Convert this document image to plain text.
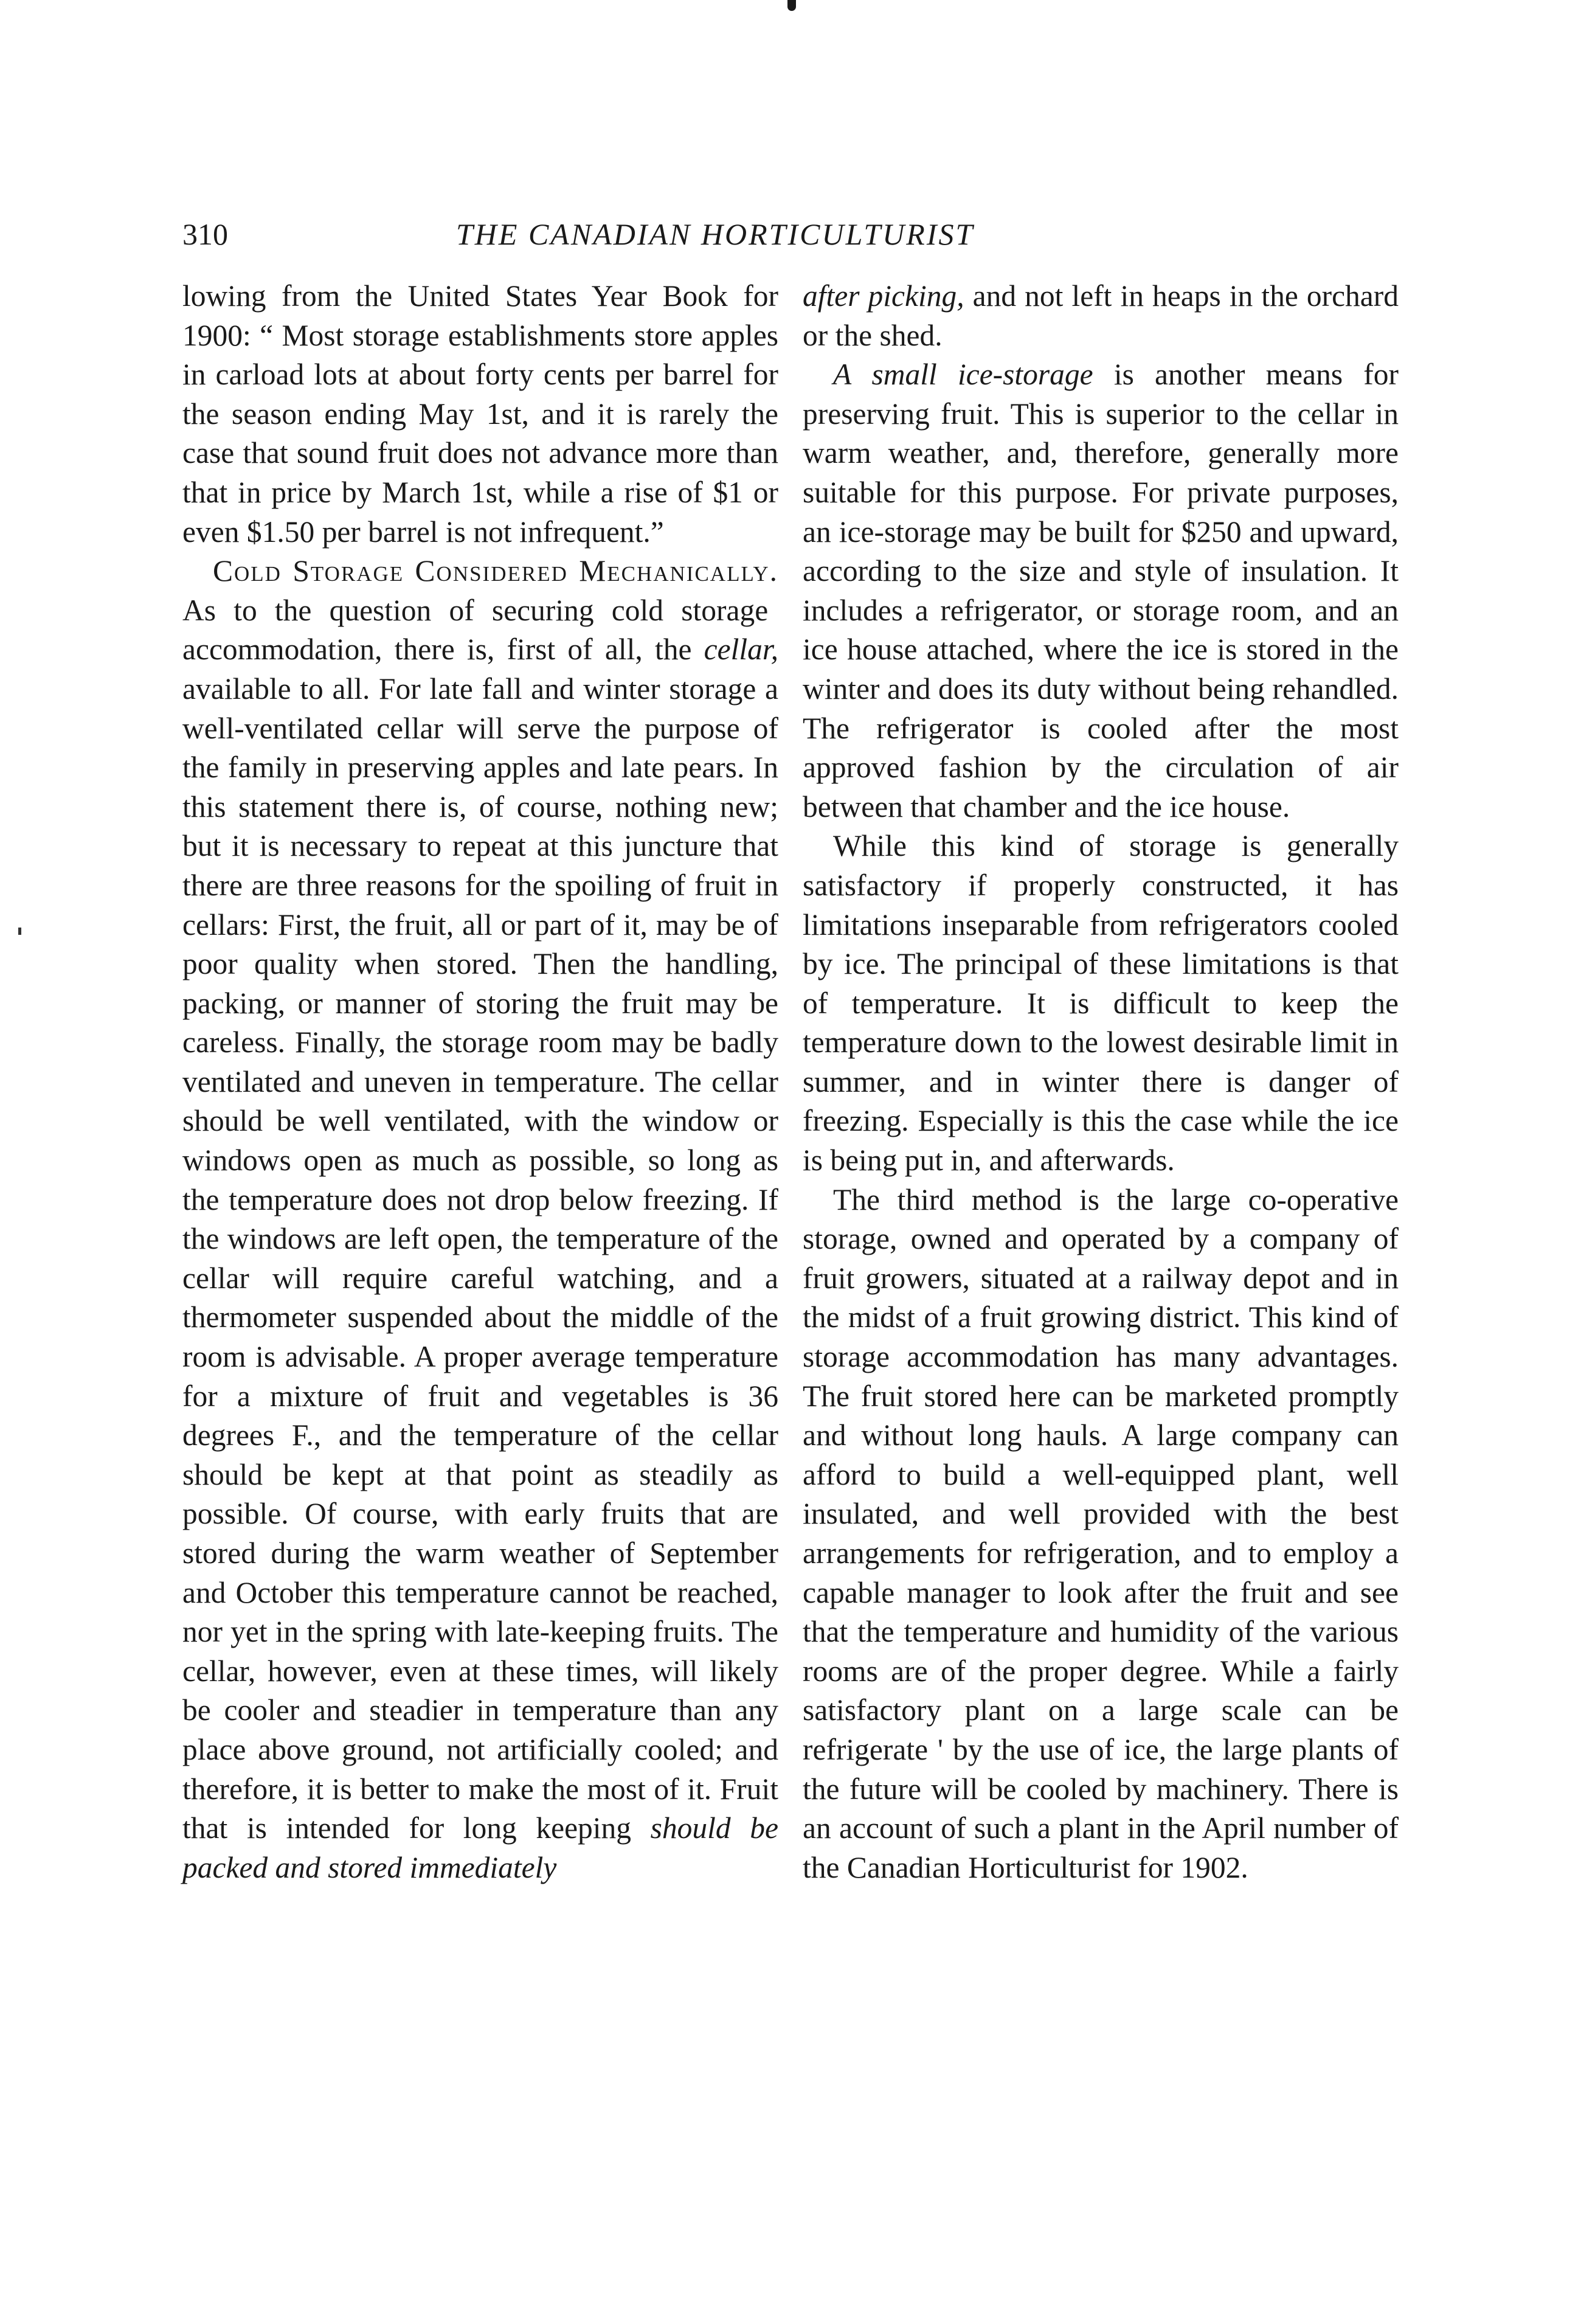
310	THE CANADIAN HORTICULTURIST

lowing from the United States Year Book for 1900: “ Most storage establishments store apples in carload lots at about forty cents per barrel for the season ending May 1st, and it is rarely the case that sound fruit does not advance more than that in price by March 1st, while a rise of $1 or even $1.50 per barrel is not infrequent.”

Cold Storage Considered Mechanically. As to the question of securing cold storage accommodation, there is, first of all, the cellar, available to all. For late fall and winter storage a well-ventilated cellar will serve the purpose of the family in preserving apples and late pears. In this statement there is, of course, nothing new; but it is necessary to repeat at this juncture that there are three reasons for the spoiling of fruit in cellars: First, the fruit, all or part of it, may be of poor quality when stored. Then the handling, packing, or manner of storing the fruit may be careless. Finally, the storage room may be badly ventilated and uneven in temperature. The cellar should be well ventilated, with the window or windows open as much as possible, so long as the temperature does not drop below freezing. If the windows are left open, the temperature of the cellar will require careful watching, and a thermometer suspended about the middle of the room is advisable. A proper average temperature for a mixture of fruit and vegetables is 36 degrees F., and the temperature of the cellar should be kept at that point as steadily as possible. Of course, with early fruits that are stored during the warm weather of September and October this temperature cannot be reached, nor yet in the spring with late-keeping fruits. The cellar, however, even at these times, will likely be cooler and steadier in temperature than any place above ground, not artificially cooled; and therefore, it is better to make the most of it. Fruit that is intended for long keeping should be packed and stored immediately

after picking, and not left in heaps in the orchard or the shed.

A small ice-storage is another means for preserving fruit. This is superior to the cellar in warm weather, and, therefore, generally more suitable for this purpose. For private purposes, an ice-storage may be built for $250 and upward, according to the size and style of insulation. It includes a refrigerator, or storage room, and an ice house attached, where the ice is stored in the winter and does its duty without being rehandled. The refrigerator is cooled after the most approved fashion by the circulation of air between that chamber and the ice house.

While this kind of storage is generally satisfactory if properly constructed, it has limitations inseparable from refrigerators cooled by ice. The principal of these limitations is that of temperature. It is difficult to keep the temperature down to the lowest desirable limit in summer, and in winter there is danger of freezing. Especially is this the case while the ice is being put in, and afterwards.

The third method is the large co-operative storage, owned and operated by a company of fruit growers, situated at a railway depot and in the midst of a fruit growing district. This kind of storage accommodation has many advantages. The fruit stored here can be marketed promptly and without long hauls. A large company can afford to build a well-equipped plant, well insulated, and well provided with the best arrangements for refrigeration, and to employ a capable manager to look after the fruit and see that the temperature and humidity of the various rooms are of the proper degree. While a fairly satisfactory plant on a large scale can be refrigerate ' by the use of ice, the large plants of the future will be cooled by machinery. There is an account of such a plant in the April number of the Canadian Horticulturist for 1902.
